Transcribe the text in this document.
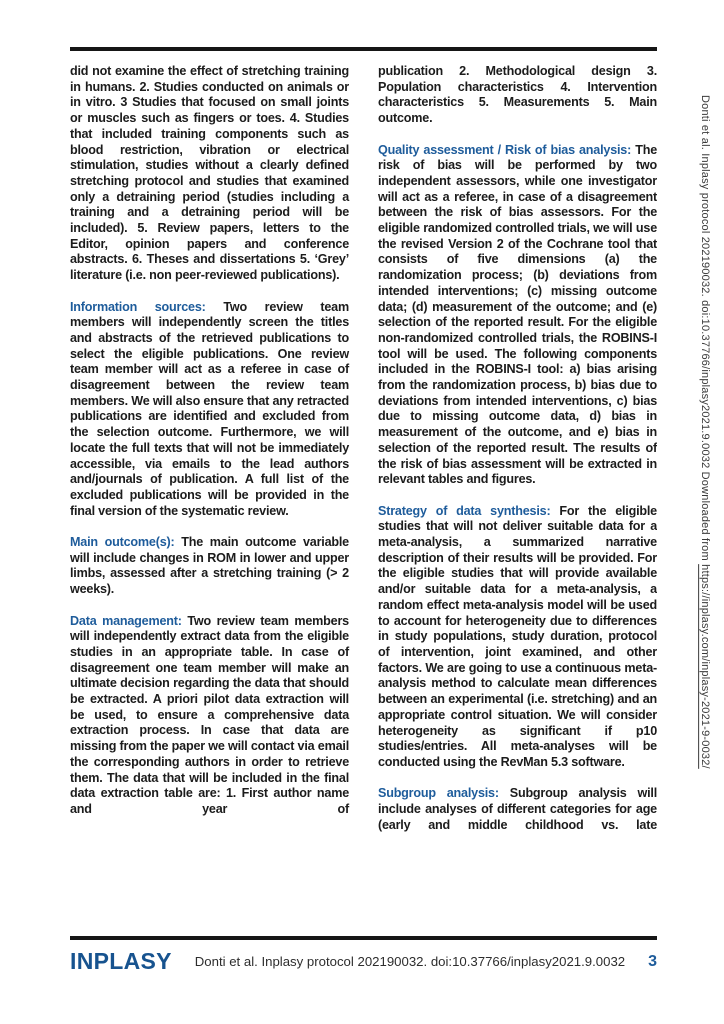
did not examine the effect of stretching training in humans. 2. Studies conducted on animals or in vitro. 3 Studies that focused on small joints or muscles such as fingers or toes. 4. Studies that included training components such as blood restriction, vibration or electrical stimulation, studies without a clearly defined stretching protocol and studies that examined only a detraining period (studies including a training and a detraining period will be included). 5. Review papers, letters to the Editor, opinion papers and conference abstracts. 6. Theses and dissertations 5. ‘Grey’ literature (i.e. non peer-reviewed publications).

Information sources: Two review team members will independently screen the titles and abstracts of the retrieved publications to select the eligible publications. One review team member will act as a referee in case of disagreement between the review team members. We will also ensure that any retracted publications are identified and excluded from the selection outcome. Furthermore, we will locate the full texts that will not be immediately accessible, via emails to the lead authors and/journals of publication. A full list of the excluded publications will be provided in the final version of the systematic review.

Main outcome(s): The main outcome variable will include changes in ROM in lower and upper limbs, assessed after a stretching training (> 2 weeks).

Data management: Two review team members will independently extract data from the eligible studies in an appropriate table. In case of disagreement one team member will make an ultimate decision regarding the data that should be extracted. A priori pilot data extraction will be used, to ensure a comprehensive data extraction process. In case that data are missing from the paper we will contact via email the corresponding authors in order to retrieve them. The data that will be included in the final data extraction table are: 1. First author name and year of

publication 2. Methodological design 3. Population characteristics 4. Intervention characteristics 5. Measurements 5. Main outcome.

Quality assessment / Risk of bias analysis: The risk of bias will be performed by two independent assessors, while one investigator will act as a referee, in case of a disagreement between the risk of bias assessors. For the eligible randomized controlled trials, we will use the revised Version 2 of the Cochrane tool that consists of five dimensions (a) the randomization process; (b) deviations from intended interventions; (c) missing outcome data; (d) measurement of the outcome; and (e) selection of the reported result. For the eligible non-randomized controlled trials, the ROBINS-I tool will be used. The following components included in the ROBINS-I tool: a) bias arising from the randomization process, b) bias due to deviations from intended interventions, c) bias due to missing outcome data, d) bias in measurement of the outcome, and e) bias in selection of the reported result. The results of the risk of bias assessment will be extracted in relevant tables and figures.

Strategy of data synthesis: For the eligible studies that will not deliver suitable data for a meta-analysis, a summarized narrative description of their results will be provided. For the eligible studies that will provide available and/or suitable data for a meta-analysis, a random effect meta-analysis model will be used to account for heterogeneity due to differences in study populations, study duration, protocol of intervention, joint examined, and other factors. We are going to use a continuous meta-analysis method to calculate mean differences between an experimental (i.e. stretching) and an appropriate control situation. We will consider heterogeneity as significant if p10 studies/entries. All meta-analyses will be conducted using the RevMan 5.3 software.

Subgroup analysis: Subgroup analysis will include analyses of different categories for age (early and middle childhood vs. late

INPLASY	Donti et al. Inplasy protocol 202190032. doi:10.37766/inplasy2021.9.0032	3
Donti et al. Inplasy protocol 202190032. doi:10.37766/inplasy2021.9.0032 Downloaded from https://inplasy.com/inplasy-2021-9-0032/
